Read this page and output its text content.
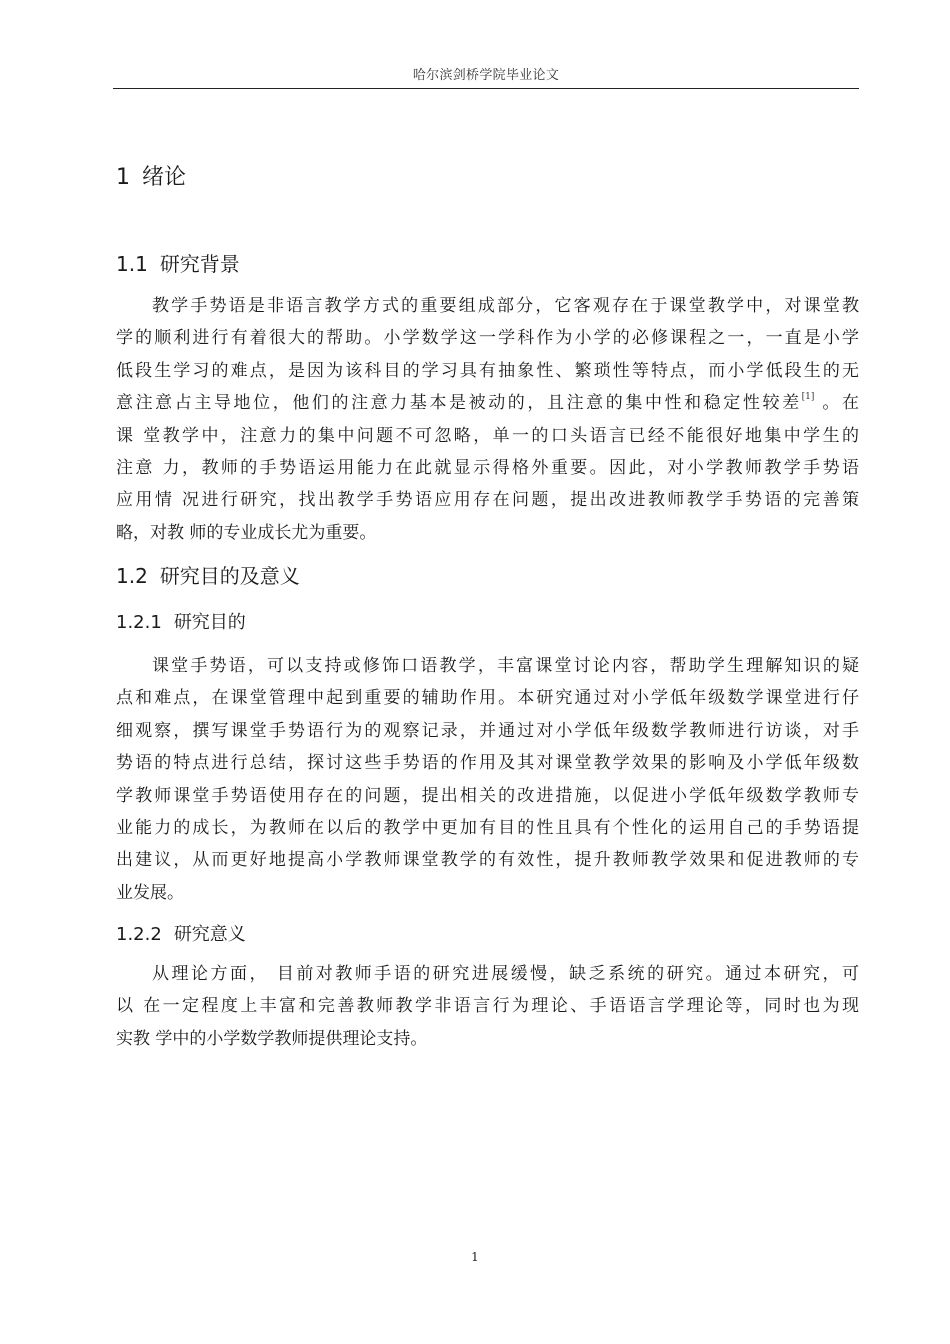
哈尔滨剑桥学院毕业论文
1 绪论
1.1 研究背景
教学手势语是非语言教学方式的重要组成部分，它客观存在于课堂教学中，对课堂教
学的顺利进行有着很大的帮助。小学数学这一学科作为小学的必修课程之一，一直是小学
低段生学习的难点，是因为该科目的学习具有抽象性、繁琐性等特点，而小学低段生的无
意注意占主导地位，他们的注意力基本是被动的，且注意的集中性和稳定性较差[1] 。在
课 堂教学中，注意力的集中问题不可忽略，单一的口头语言已经不能很好地集中学生的
注意 力，教师的手势语运用能力在此就显示得格外重要。因此，对小学教师教学手势语
应用情 况进行研究，找出教学手势语应用存在问题，提出改进教师教学手势语的完善策
略，对教 师的专业成长尤为重要。
1.2 研究目的及意义
1.2.1 研究目的
课堂手势语，可以支持或修饰口语教学，丰富课堂讨论内容，帮助学生理解知识的疑
点和难点，在课堂管理中起到重要的辅助作用。本研究通过对小学低年级数学课堂进行仔
细观察，撰写课堂手势语行为的观察记录，并通过对小学低年级数学教师进行访谈，对手
势语的特点进行总结，探讨这些手势语的作用及其对课堂教学效果的影响及小学低年级数
学教师课堂手势语使用存在的问题，提出相关的改进措施，以促进小学低年级数学教师专
业能力的成长，为教师在以后的教学中更加有目的性且具有个性化的运用自己的手势语提
出建议，从而更好地提高小学教师课堂教学的有效性，提升教师教学效果和促进教师的专
业发展。
1.2.2 研究意义
从理论方面， 目前对教师手语的研究进展缓慢，缺乏系统的研究。通过本研究，可
以 在一定程度上丰富和完善教师教学非语言行为理论、手语语言学理论等，同时也为现
实教 学中的小学数学教师提供理论支持。
1
